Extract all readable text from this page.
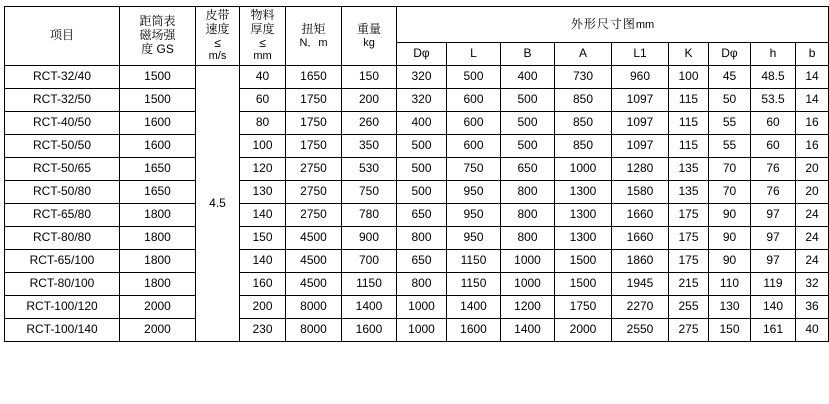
项目	距筒表
磁场强
度 GS	皮带
速度
≤
m/s	物料
厚度
≤
mm	扭矩
N．m	重量
kg	外形尺寸图mm								
						Dφ	L	B	A	L1	K	Dφ	h	b
RCT-32/40	1500	4.5	40	1650	150	320	500	400	730	960	100	45	48.5	14
RCT-32/50	1500		60	1750	200	320	600	500	850	1097	115	50	53.5	14
RCT-40/50	1600		80	1750	260	400	600	500	850	1097	115	55	60	16
RCT-50/50	1600		100	1750	350	500	600	500	850	1097	115	55	60	16
RCT-50/65	1650		120	2750	530	500	750	650	1000	1280	135	70	76	20
RCT-50/80	1650		130	2750	750	500	950	800	1300	1580	135	70	76	20
RCT-65/80	1800		140	2750	780	650	950	800	1300	1660	175	90	97	24
RCT-80/80	1800		150	4500	900	800	950	800	1300	1660	175	90	97	24
RCT-65/100	1800		140	4500	700	650	1150	1000	1500	1860	175	90	97	24
RCT-80/100	1800		160	4500	1150	800	1150	1000	1500	1945	215	110	119	32
RCT-100/120	2000		200	8000	1400	1000	1400	1200	1750	2270	255	130	140	36
RCT-100/140	2000		230	8000	1600	1000	1600	1400	2000	2550	275	150	161	40
